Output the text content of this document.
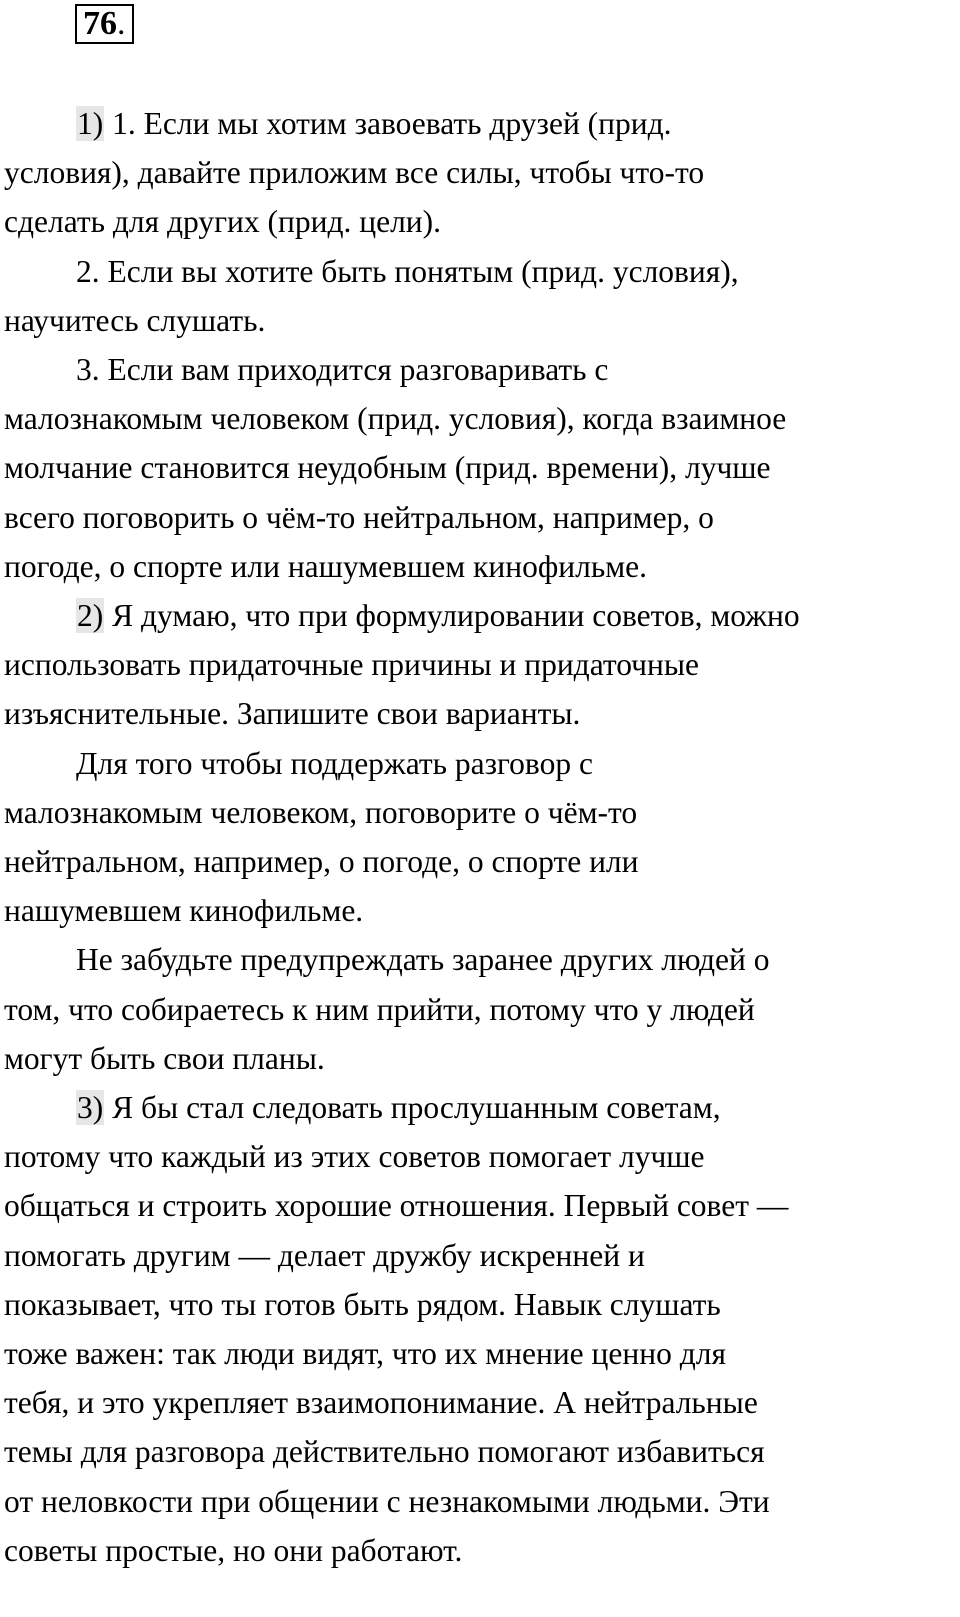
76.
1) 1. Если мы хотим завоевать друзей (прид.
условия), давайте приложим все силы, чтобы что-то
сделать для других (прид. цели).
2. Если вы хотите быть понятым (прид. условия),
научитесь слушать.
3. Если вам приходится разговаривать с
малознакомым человеком (прид. условия), когда взаимное
молчание становится неудобным (прид. времени), лучше
всего поговорить о чём-то нейтральном, например, о
погоде, о спорте или нашумевшем кинофильме.
2) Я думаю, что при формулировании советов, можно
использовать придаточные причины и придаточные
изъяснительные. Запишите свои варианты.
Для того чтобы поддержать разговор с
малознакомым человеком, поговорите о чём-то
нейтральном, например, о погоде, о спорте или
нашумевшем кинофильме.
Не забудьте предупреждать заранее других людей о
том, что собираетесь к ним прийти, потому что у людей
могут быть свои планы.
3) Я бы стал следовать прослушанным советам,
потому что каждый из этих советов помогает лучше
общаться и строить хорошие отношения. Первый совет —
помогать другим — делает дружбу искренней и
показывает, что ты готов быть рядом. Навык слушать
тоже важен: так люди видят, что их мнение ценно для
тебя, и это укрепляет взаимопонимание. А нейтральные
темы для разговора действительно помогают избавиться
от неловкости при общении с незнакомыми людьми. Эти
советы простые, но они работают.
